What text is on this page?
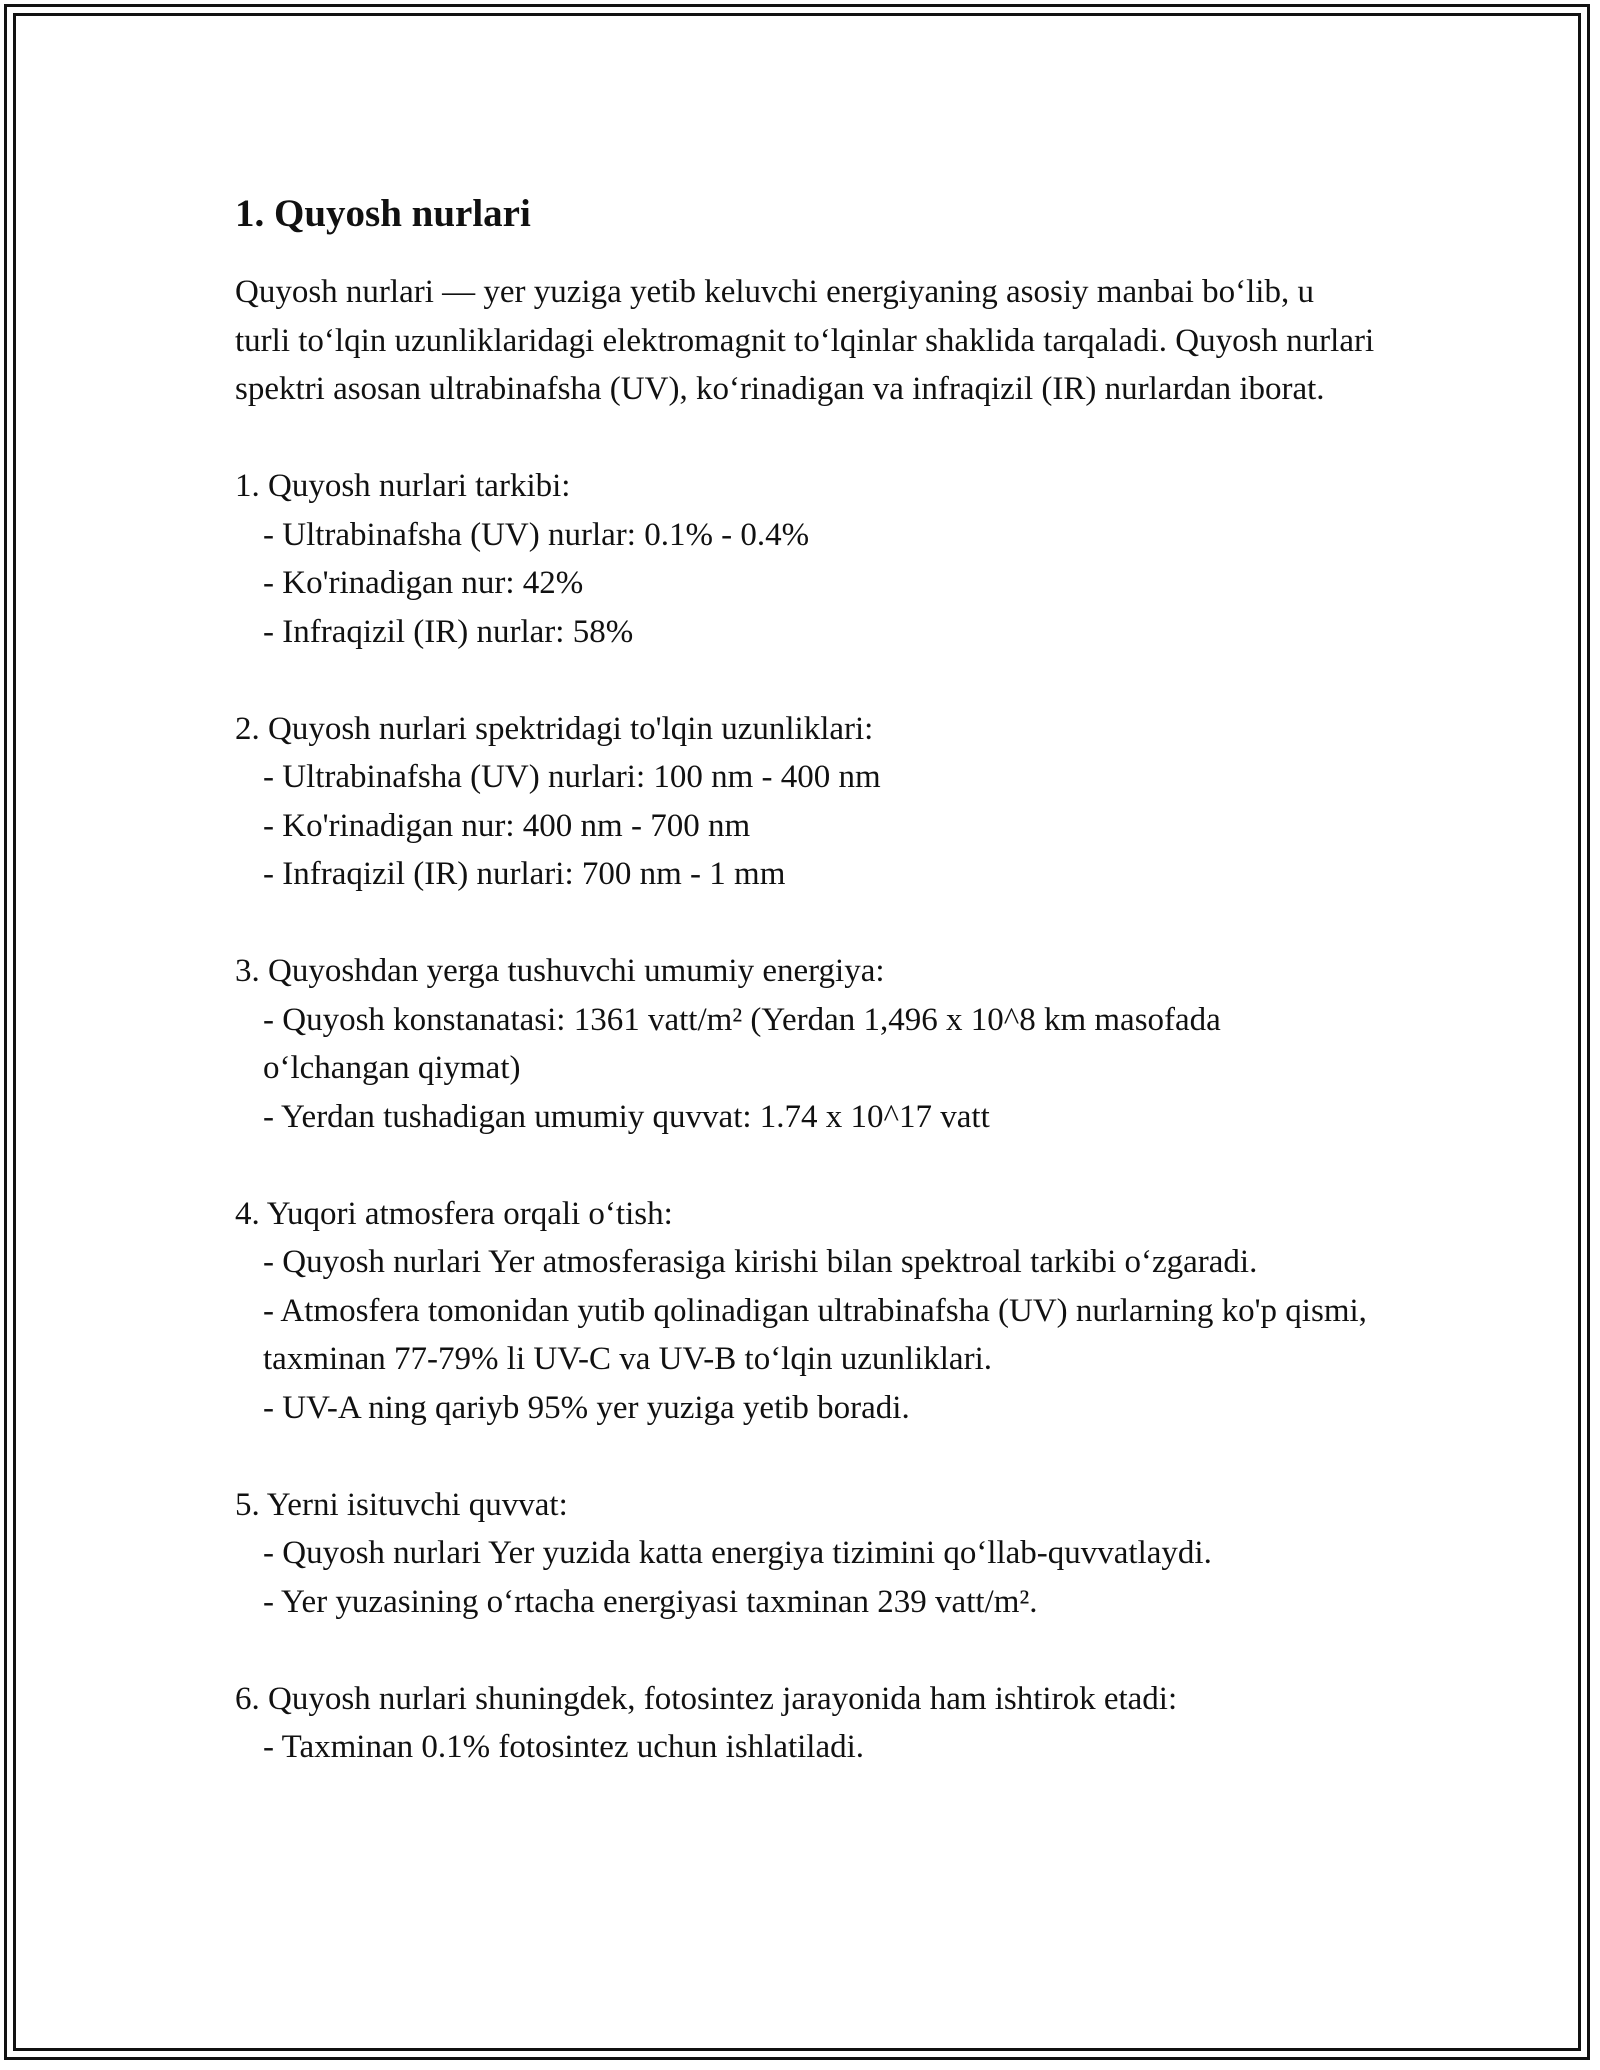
1. Quyosh nurlari

Quyosh nurlari — yer yuziga yetib keluvchi energiyaning asosiy manbai bo‘lib, u turli to‘lqin uzunliklaridagi elektromagnit to‘lqinlar shaklida tarqaladi. Quyosh nurlari spektri asosan ultrabinafsha (UV), ko‘rinadigan va infraqizil (IR) nurlardan iborat.

1. Quyosh nurlari tarkibi:

- Ultrabinafsha (UV) nurlar: 0.1% - 0.4%

- Ko'rinadigan nur: 42%

- Infraqizil (IR) nurlar: 58%

2. Quyosh nurlari spektridagi to'lqin uzunliklari:

- Ultrabinafsha (UV) nurlari: 100 nm - 400 nm

- Ko'rinadigan nur: 400 nm - 700 nm

- Infraqizil (IR) nurlari: 700 nm - 1 mm

3. Quyoshdan yerga tushuvchi umumiy energiya:

- Quyosh konstanatasi: 1361 vatt/m² (Yerdan 1,496 x 10^8 km masofada o‘lchangan qiymat)

- Yerdan tushadigan umumiy quvvat: 1.74 x 10^17 vatt

4. Yuqori atmosfera orqali o‘tish:

- Quyosh nurlari Yer atmosferasiga kirishi bilan spektroal tarkibi o‘zgaradi.

- Atmosfera tomonidan yutib qolinadigan ultrabinafsha (UV) nurlarning ko'p qismi, taxminan 77-79% li UV-C va UV-B to‘lqin uzunliklari.

- UV-A ning qariyb 95% yer yuziga yetib boradi.

5. Yerni isituvchi quvvat:

- Quyosh nurlari Yer yuzida katta energiya tizimini qo‘llab-quvvatlaydi.

- Yer yuzasining o‘rtacha energiyasi taxminan 239 vatt/m².

6. Quyosh nurlari shuningdek, fotosintez jarayonida ham ishtirok etadi:

- Taxminan 0.1% fotosintez uchun ishlatiladi.
